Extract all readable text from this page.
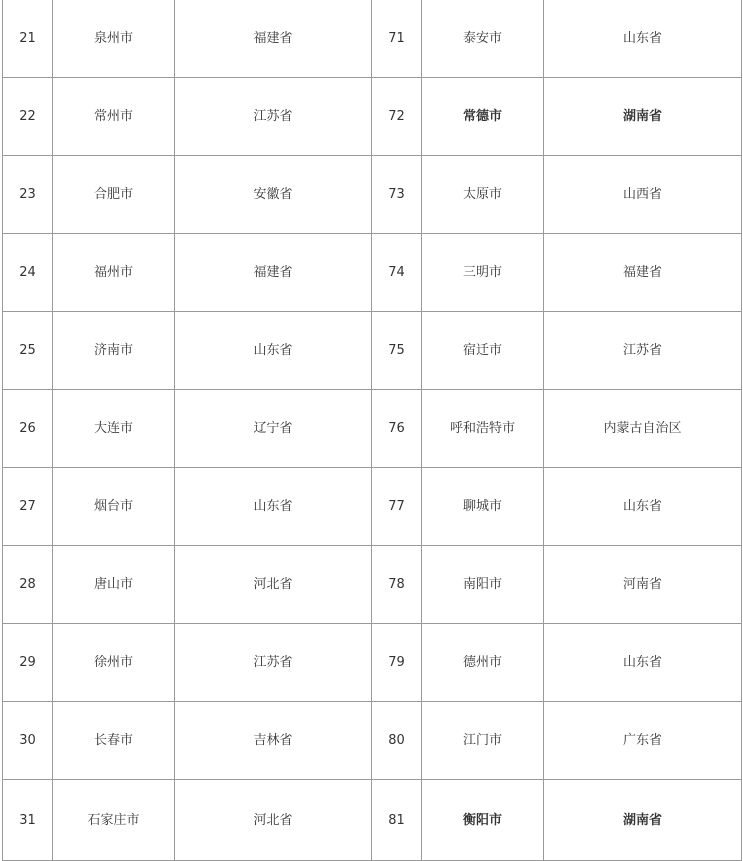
21	泉州市	福建省	71	泰安市	山东省
22	常州市	江苏省	72	常德市	湖南省
23	合肥市	安徽省	73	太原市	山西省
24	福州市	福建省	74	三明市	福建省
25	济南市	山东省	75	宿迁市	江苏省
26	大连市	辽宁省	76	呼和浩特市	内蒙古自治区
27	烟台市	山东省	77	聊城市	山东省
28	唐山市	河北省	78	南阳市	河南省
29	徐州市	江苏省	79	德州市	山东省
30	长春市	吉林省	80	江门市	广东省
31	石家庄市	河北省	81	衡阳市	湖南省
